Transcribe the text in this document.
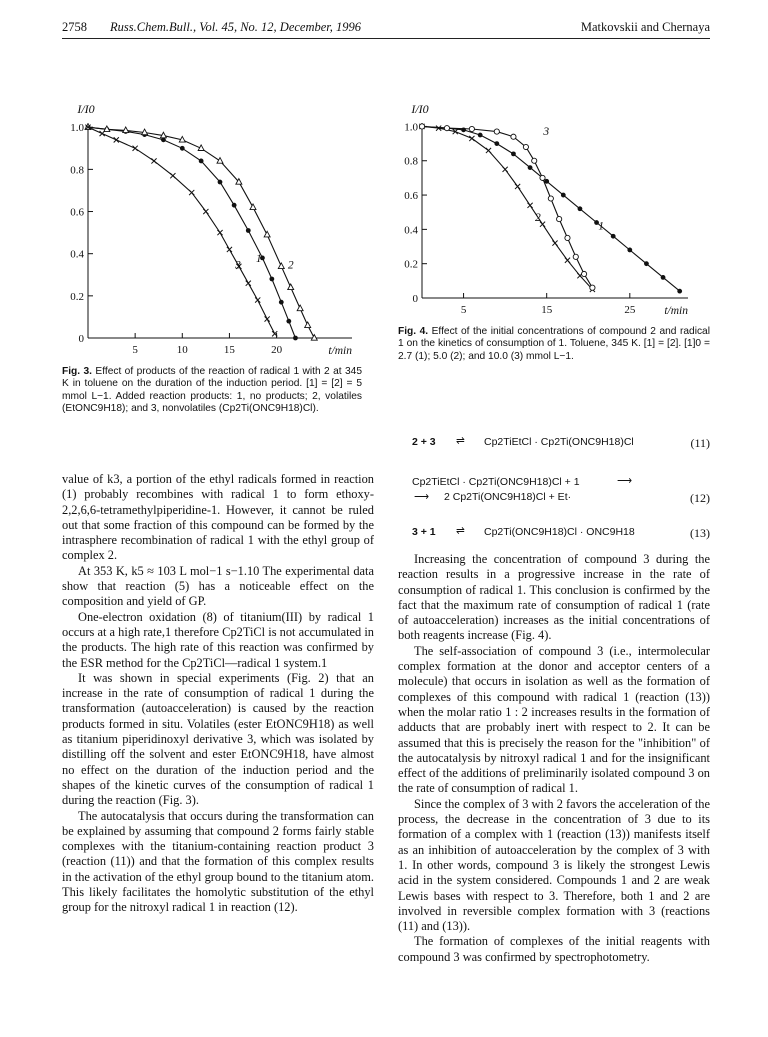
2758 Russ.Chem.Bull., Vol. 45, No. 12, December, 1996	Matkovskii and Chernaya
0
0.2
0.4
0.6
0.8
1.0
5	10	15	20
I/I0
t/min
3
1
2
Fig. 3. Effect of products of the reaction of radical 1 with 2 at 345 K in toluene on the duration of the induction period. [1] = [2] = 5 mmol L−1. Added reaction products: 1, no products; 2, volatiles (EtONC9H18); and 3, nonvolatiles (Cp2Ti(ONC9H18)Cl).
0
0.2
0.4
0.6
0.8
1.0
5	15	25
I/I0
t/min
3
2
1
Fig. 4. Effect of the initial concentrations of compound 2 and radical 1 on the kinetics of consumption of 1. Toluene, 345 K. [1] = [2]. [1]0 = 2.7 (1); 5.0 (2); and 10.0 (3) mmol L−1.

value of k3, a portion of the ethyl radicals formed in reaction (1) probably recombines with radical 1 to form ethoxy-2,2,6,6-tetramethylpiperidine-1. However, it cannot be ruled out that some fraction of this compound can be formed by the intrasphere recombination of radical 1 with the ethyl group of complex 2.

At 353 K, k5 ≈ 103 L mol−1 s−1.10 The experimental data show that reaction (5) has a noticeable effect on the composition and yield of GP.

One-electron oxidation (8) of titanium(III) by radical 1 occurs at a high rate,1 therefore Cp2TiCl is not accumulated in the products. The high rate of this reaction was confirmed by the ESR method for the Cp2TiCl—radical 1 system.1

It was shown in special experiments (Fig. 2) that an increase in the rate of consumption of radical 1 during the transformation (autoacceleration) is caused by the reaction products formed in situ. Volatiles (ester EtONC9H18) as well as titanium piperidinoxyl derivative 3, which was isolated by distilling off the solvent and ester EtONC9H18, have almost no effect on the duration of the induction period and the shapes of the kinetic curves of the consumption of radical 1 during the reaction (Fig. 3).

The autocatalysis that occurs during the transformation can be explained by assuming that compound 2 forms fairly stable complexes with the titanium-containing reaction product 3 (reaction (11)) and that the formation of this complex results in the activation of the ethyl group bound to the titanium atom. This likely facilitates the homolytic substitution of the ethyl group for the nitroxyl radical 1 in reaction (12).

2 + 3 ⇌ Cp2TiEtCl · Cp2Ti(ONC9H18)Cl	(11)
Cp2TiEtCl · Cp2Ti(ONC9H18)Cl + 1	⟶
⟶ 2 Cp2Ti(ONC9H18)Cl + Et·	(12)
3 + 1 ⇌ Cp2Ti(ONC9H18)Cl · ONC9H18	(13)

Increasing the concentration of compound 3 during the reaction results in a progressive increase in the rate of consumption of radical 1. This conclusion is confirmed by the fact that the maximum rate of consumption of radical 1 (rate of autoacceleration) increases as the initial concentrations of both reagents increase (Fig. 4).

The self-association of compound 3 (i.e., intermolecular complex formation at the donor and acceptor centers of a molecule) that occurs in isolation as well as the formation of complexes of this compound with radical 1 (reaction (13)) when the molar ratio 1 : 2 increases results in the formation of adducts that are probably inert with respect to 2. It can be assumed that this is precisely the reason for the "inhibition" of the autocatalysis by nitroxyl radical 1 and for the insignificant effect of the additions of preliminarily isolated compound 3 on the rate of consumption of radical 1.

Since the complex of 3 with 2 favors the acceleration of the process, the decrease in the concentration of 3 due to its formation of a complex with 1 (reaction (13)) manifests itself as an inhibition of autoacceleration by the complex of 3 with 1. In other words, compound 3 is likely the strongest Lewis acid in the system considered. Compounds 1 and 2 are weak Lewis bases with respect to 3. Therefore, both 1 and 2 are involved in reversible complex formation with 3 (reactions (11) and (13)).

The formation of complexes of the initial reagents with compound 3 was confirmed by spectrophotometry.
